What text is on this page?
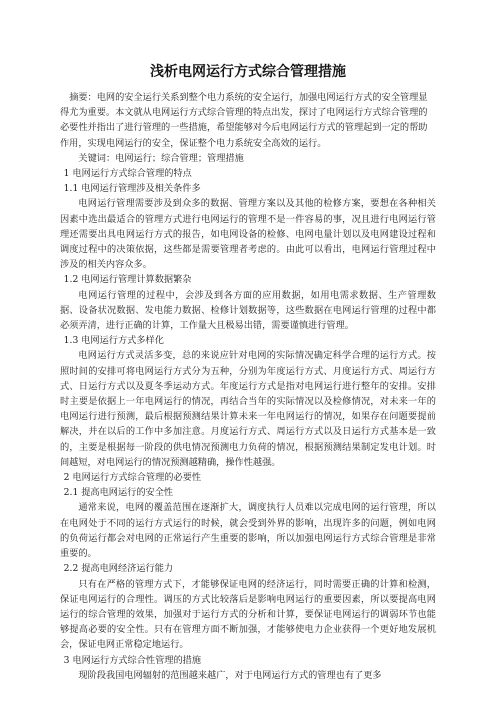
浅析电网运行方式综合管理措施

摘要：电网的安全运行关系到整个电力系统的安全运行，加强电网运行方式的安全管理显得尤为重要。本文就从电网运行方式综合管理的特点出发，探讨了电网运行方式综合管理的必要性并指出了进行管理的一些措施，希望能够对今后电网运行方式的管理起到一定的帮助作用，实现电网运行的安全，保证整个电力系统安全高效的运行。

关键词：电网运行；综合管理；管理措施

1 电网运行方式综合管理的特点

1.1 电网运行管理涉及相关条件多

电网运行管理需要涉及到众多的数据、管理方案以及其他的检修方案，要想在各种相关因素中选出最适合的管理方式进行电网运行的管理不是一件容易的事，况且进行电网运行管理还需要出具电网运行方式的报告，如电网设备的检修、电网电量计划以及电网建设过程和调度过程中的决策依据，这些都是需要管理者考虑的。由此可以看出，电网运行管理过程中涉及的相关内容众多。

1.2 电网运行管理计算数据繁杂

电网运行管理的过程中，会涉及到各方面的应用数据，如用电需求数据、生产管理数据、设备状况数据、发电能力数据、检修计划数据等，这些数据在电网运行管理的过程中都必须弄清，进行正确的计算，工作量大且极易出错，需要谨慎进行管理。

1.3 电网运行方式多样化

电网运行方式灵活多变，总的来说应针对电网的实际情况确定科学合理的运行方式。按照时间的安排可将电网运行方式分为五种，分别为年度运行方式、月度运行方式、周运行方式、日运行方式以及夏冬季运动方式。年度运行方式是指对电网运行进行整年的安排。安排时主要是依据上一年电网运行的情况，再结合当年的实际情况以及检修情况，对未来一年的电网运行进行预测，最后根据预测结果计算未来一年电网运行的情况，如果存在问题要提前解决，并在以后的工作中多加注意。月度运行方式、周运行方式以及日运行方式基本是一致的，主要是根据每一阶段的供电情况预测电力负荷的情况，根据预测结果制定发电计划。时间越短，对电网运行的情况预测越精确，操作性越强。

2 电网运行方式综合管理的必要性

2.1 提高电网运行的安全性

通常来说，电网的覆盖范围在逐渐扩大，调度执行人员难以完成电网的运行管理，所以在电网处于不同的运行方式运行的时候，就会受到外界的影响，出现许多的问题，例如电网的负荷运行都会对电网的正常运行产生重要的影响，所以加强电网运行方式综合管理是非常重要的。

2.2 提高电网经济运行能力

只有在严格的管理方式下，才能够保证电网的经济运行，同时需要正确的计算和检测，保证电网运行的合理性。调压的方式比较落后是影响电网运行的重要因素，所以要提高电网运行的综合管理的效果，加强对于运行方式的分析和计算，要保证电网运行的调弱环节也能够提高必要的安全性。只有在管理方面不断加强，才能够使电力企业获得一个更好地发展机会，保证电网正常稳定地运行。

3 电网运行方式综合性管理的措施

现阶段我国电网辐射的范围越来越广，对于电网运行方式的管理也有了更多
